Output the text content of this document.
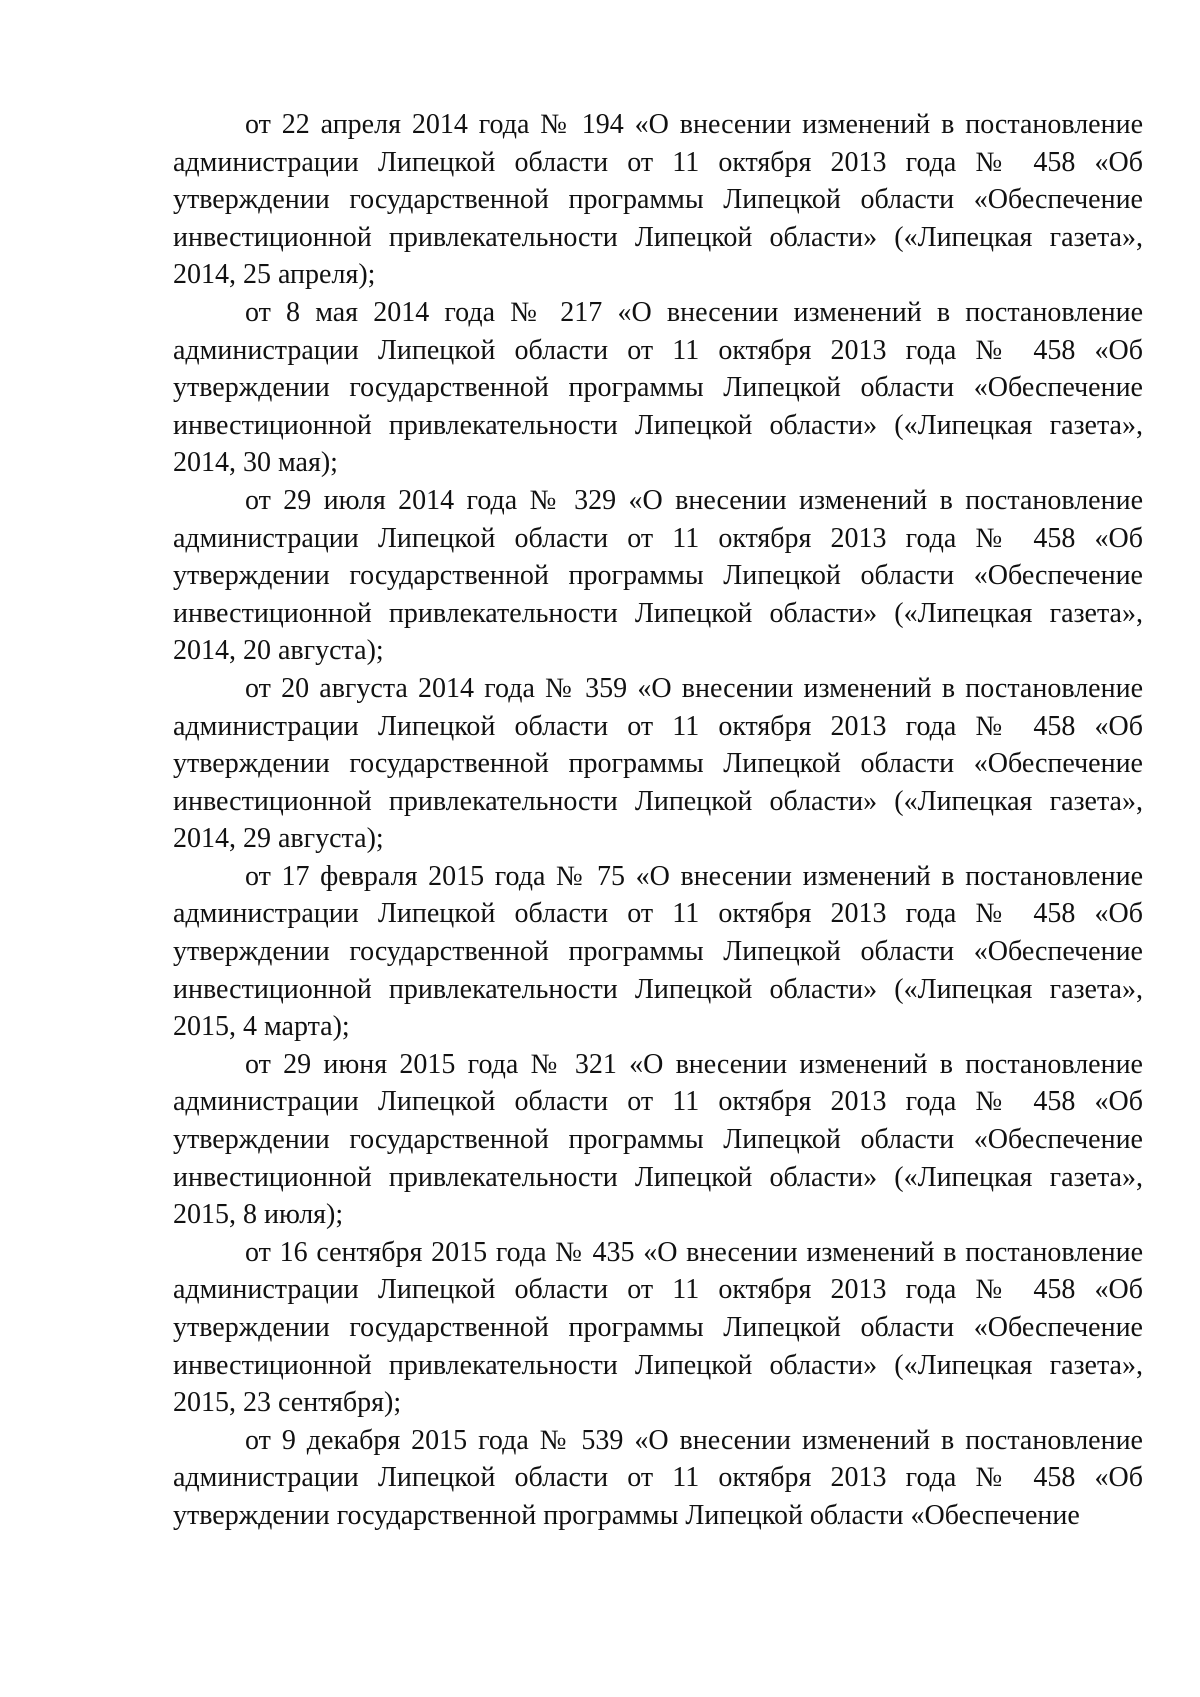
от 22 апреля 2014 года № 194 «О внесении изменений в постановление администрации Липецкой области от 11 октября 2013 года № 458 «Об утверждении государственной программы Липецкой области «Обеспечение инвестиционной привлекательности Липецкой области» («Липецкая газета», 2014, 25 апреля);

от 8 мая 2014 года № 217 «О внесении изменений в постановление администрации Липецкой области от 11 октября 2013 года № 458 «Об утверждении государственной программы Липецкой области «Обеспечение инвестиционной привлекательности Липецкой области» («Липецкая газета», 2014, 30 мая);

от 29 июля 2014 года № 329 «О внесении изменений в постановление администрации Липецкой области от 11 октября 2013 года № 458 «Об утверждении государственной программы Липецкой области «Обеспечение инвестиционной привлекательности Липецкой области» («Липецкая газета», 2014, 20 августа);

от 20 августа 2014 года № 359 «О внесении изменений в постановление администрации Липецкой области от 11 октября 2013 года № 458 «Об утверждении государственной программы Липецкой области «Обеспечение инвестиционной привлекательности Липецкой области» («Липецкая газета», 2014, 29 августа);

от 17 февраля 2015 года № 75 «О внесении изменений в постановление администрации Липецкой области от 11 октября 2013 года № 458 «Об утверждении государственной программы Липецкой области «Обеспечение инвестиционной привлекательности Липецкой области» («Липецкая газета», 2015, 4 марта);

от 29 июня 2015 года № 321 «О внесении изменений в постановление администрации Липецкой области от 11 октября 2013 года № 458 «Об утверждении государственной программы Липецкой области «Обеспечение инвестиционной привлекательности Липецкой области» («Липецкая газета», 2015, 8 июля);

от 16 сентября 2015 года № 435 «О внесении изменений в постановление администрации Липецкой области от 11 октября 2013 года № 458 «Об утверждении государственной программы Липецкой области «Обеспечение инвестиционной привлекательности Липецкой области» («Липецкая газета», 2015, 23 сентября);

от 9 декабря 2015 года № 539 «О внесении изменений в постановление администрации Липецкой области от 11 октября 2013 года № 458 «Об утверждении государственной программы Липецкой области «Обеспечение
